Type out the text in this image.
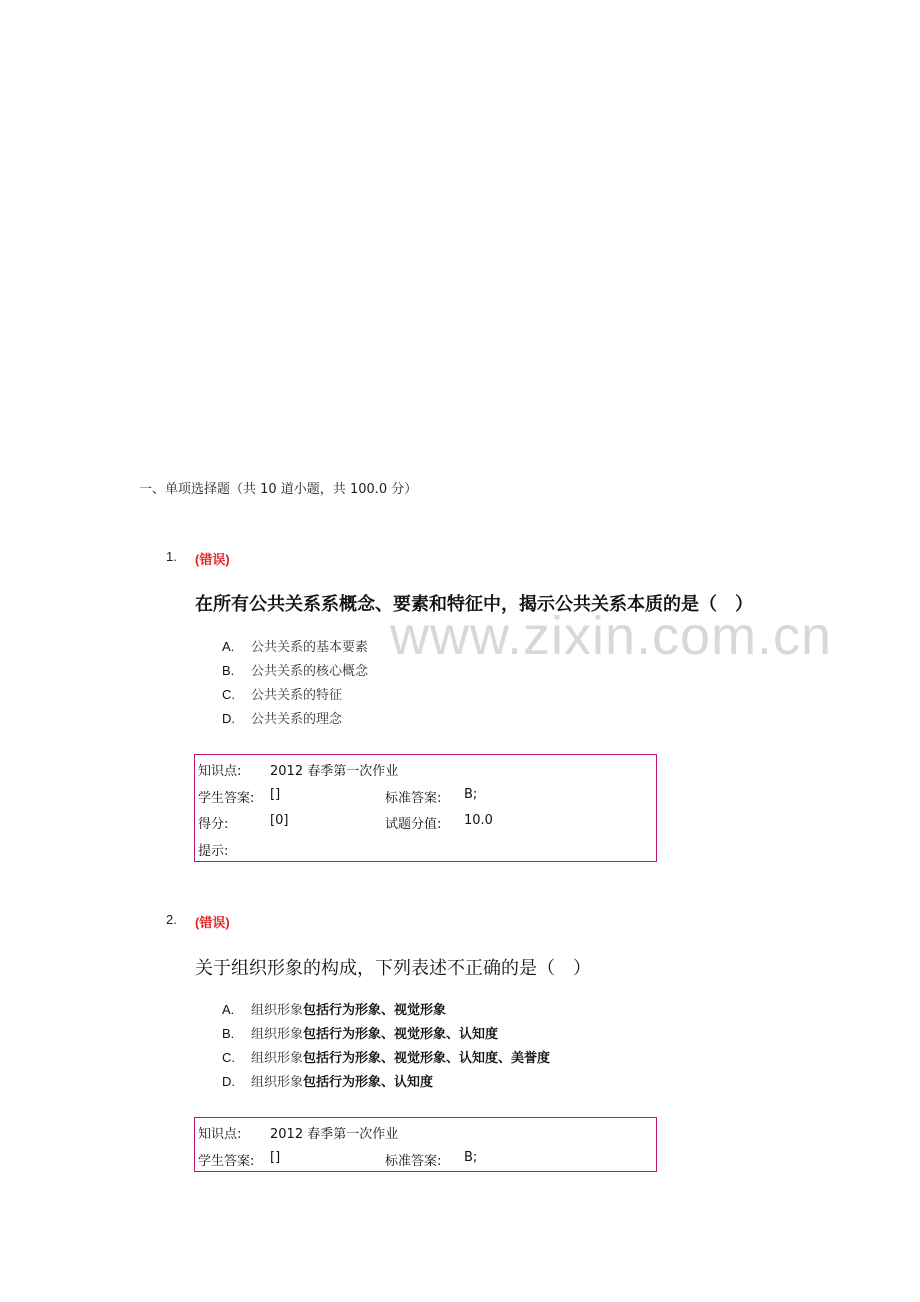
www.zixin.com.cn
一、单项选择题（共 10 道小题，共 100.0 分）
1. (错误)
在所有公共关系系概念、要素和特征中，揭示公共关系本质的是（　）
A. 公共关系的基本要素
B. 公共关系的核心概念
C. 公共关系的特征
D. 公共关系的理念
知识点: 2012 春季第一次作业
学生答案: []	标准答案: B;
得分:	[0]	试题分值: 10.0
提示:
2. (错误)
关于组织形象的构成，下列表述不正确的是（　）
A. 组织形象包括行为形象、视觉形象
B. 组织形象包括行为形象、视觉形象、认知度
C. 组织形象包括行为形象、视觉形象、认知度、美誉度
D. 组织形象包括行为形象、认知度
知识点: 2012 春季第一次作业
学生答案: []	标准答案: B;
